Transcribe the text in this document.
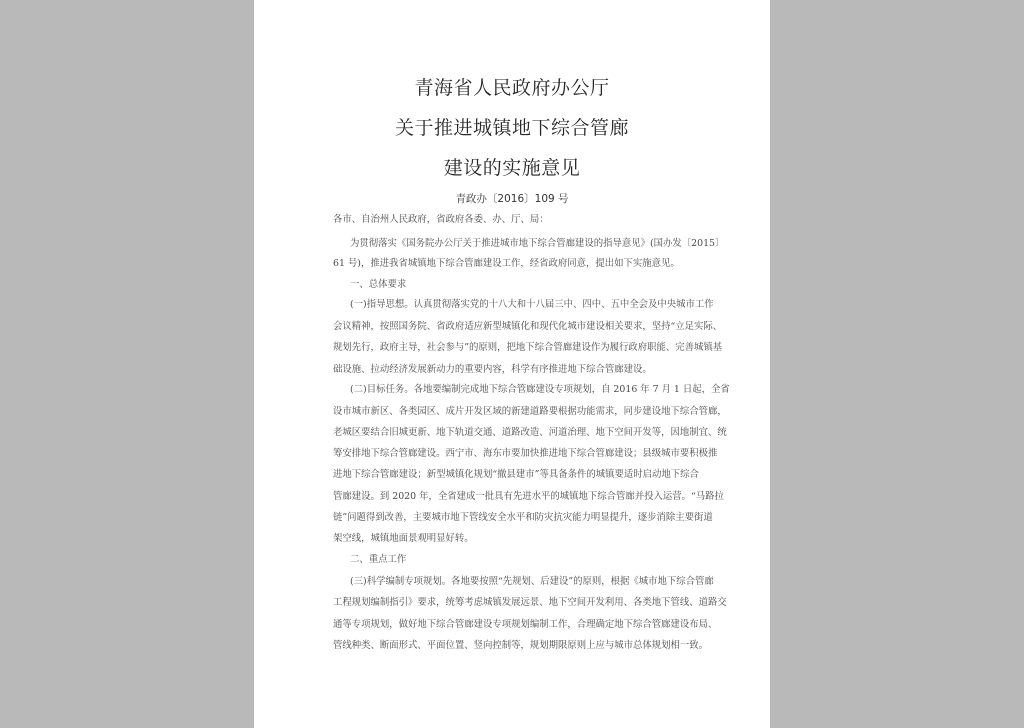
青海省人民政府办公厅
关于推进城镇地下综合管廊
建设的实施意见
青政办〔2016〕109 号
各市、自治州人民政府，省政府各委、办、厅、局：
为贯彻落实《国务院办公厅关于推进城市地下综合管廊建设的指导意见》(国办发〔2015〕
61 号)，推进我省城镇地下综合管廊建设工作，经省政府同意，提出如下实施意见。
一、总体要求
(一)指导思想。认真贯彻落实党的十八大和十八届三中、四中、五中全会及中央城市工作
会议精神，按照国务院、省政府适应新型城镇化和现代化城市建设相关要求，坚持“立足实际、
规划先行，政府主导，社会参与”的原则，把地下综合管廊建设作为履行政府职能、完善城镇基
础设施、拉动经济发展新动力的重要内容，科学有序推进地下综合管廊建设。
(二)目标任务。各地要编制完成地下综合管廊建设专项规划，自 2016 年 7 月 1 日起，全省
设市城市新区、各类园区、成片开发区域的新建道路要根据功能需求，同步建设地下综合管廊，
老城区要结合旧城更新、地下轨道交通、道路改造、河道治理、地下空间开发等，因地制宜、统
筹安排地下综合管廊建设。西宁市、海东市要加快推进地下综合管廊建设；县级城市要积极推
进地下综合管廊建设；新型城镇化规划“撤县建市”等具备条件的城镇要适时启动地下综合
管廊建设。到 2020 年，全省建成一批具有先进水平的城镇地下综合管廊并投入运营。“马路拉
链”问题得到改善，主要城市地下管线安全水平和防灾抗灾能力明显提升，逐步消除主要街道
架空线，城镇地面景观明显好转。
二、重点工作
(三)科学编制专项规划。各地要按照“先规划、后建设”的原则，根据《城市地下综合管廊
工程规划编制指引》要求，统筹考虑城镇发展远景、地下空间开发利用、各类地下管线、道路交
通等专项规划，做好地下综合管廊建设专项规划编制工作，合理确定地下综合管廊建设布局、
管线种类、断面形式、平面位置、竖向控制等，规划期限原则上应与城市总体规划相一致。
